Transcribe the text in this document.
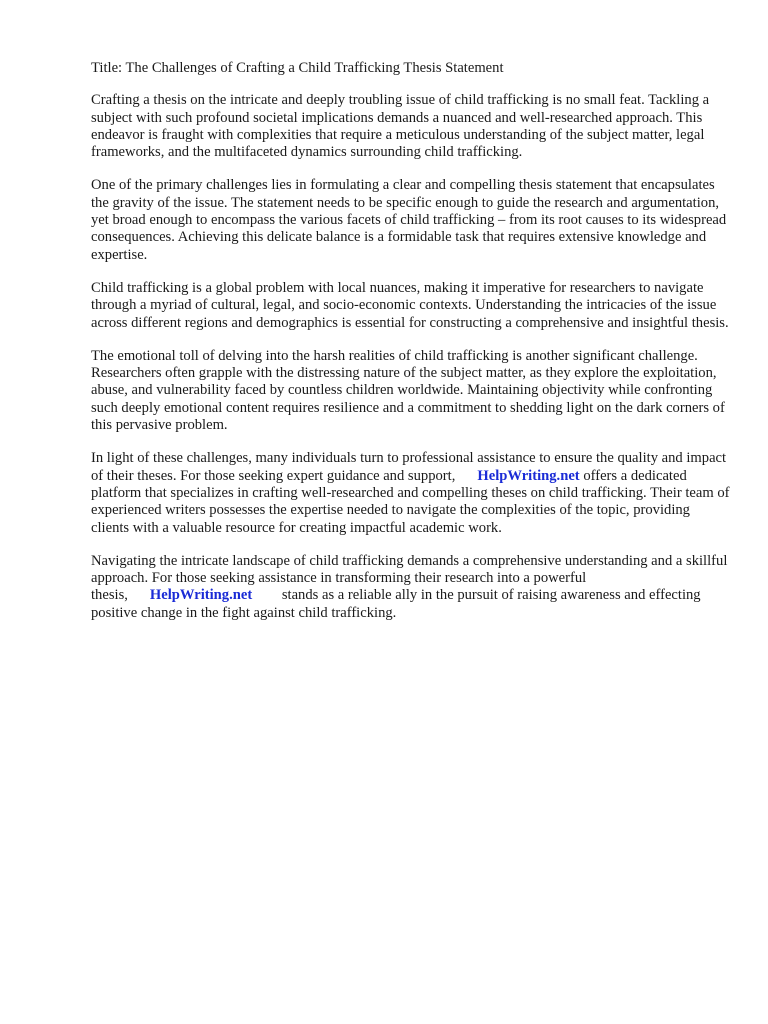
Title: The Challenges of Crafting a Child Trafficking Thesis Statement

Crafting a thesis on the intricate and deeply troubling issue of child trafficking is no small feat. Tackling a subject with such profound societal implications demands a nuanced and well-researched approach. This endeavor is fraught with complexities that require a meticulous understanding of the subject matter, legal frameworks, and the multifaceted dynamics surrounding child trafficking.

One of the primary challenges lies in formulating a clear and compelling thesis statement that encapsulates the gravity of the issue. The statement needs to be specific enough to guide the research and argumentation, yet broad enough to encompass the various facets of child trafficking – from its root causes to its widespread consequences. Achieving this delicate balance is a formidable task that requires extensive knowledge and expertise.

Child trafficking is a global problem with local nuances, making it imperative for researchers to navigate through a myriad of cultural, legal, and socio-economic contexts. Understanding the intricacies of the issue across different regions and demographics is essential for constructing a comprehensive and insightful thesis.

The emotional toll of delving into the harsh realities of child trafficking is another significant challenge. Researchers often grapple with the distressing nature of the subject matter, as they explore the exploitation, abuse, and vulnerability faced by countless children worldwide. Maintaining objectivity while confronting such deeply emotional content requires resilience and a commitment to shedding light on the dark corners of this pervasive problem.

In light of these challenges, many individuals turn to professional assistance to ensure the quality and impact of their theses. For those seeking expert guidance and support, HelpWriting.net offers a dedicated platform that specializes in crafting well-researched and compelling theses on child trafficking. Their team of experienced writers possesses the expertise needed to navigate the complexities of the topic, providing clients with a valuable resource for creating impactful academic work.

Navigating the intricate landscape of child trafficking demands a comprehensive understanding and a skillful approach. For those seeking assistance in transforming their research into a powerful thesis, HelpWriting.net stands as a reliable ally in the pursuit of raising awareness and effecting positive change in the fight against child trafficking.
